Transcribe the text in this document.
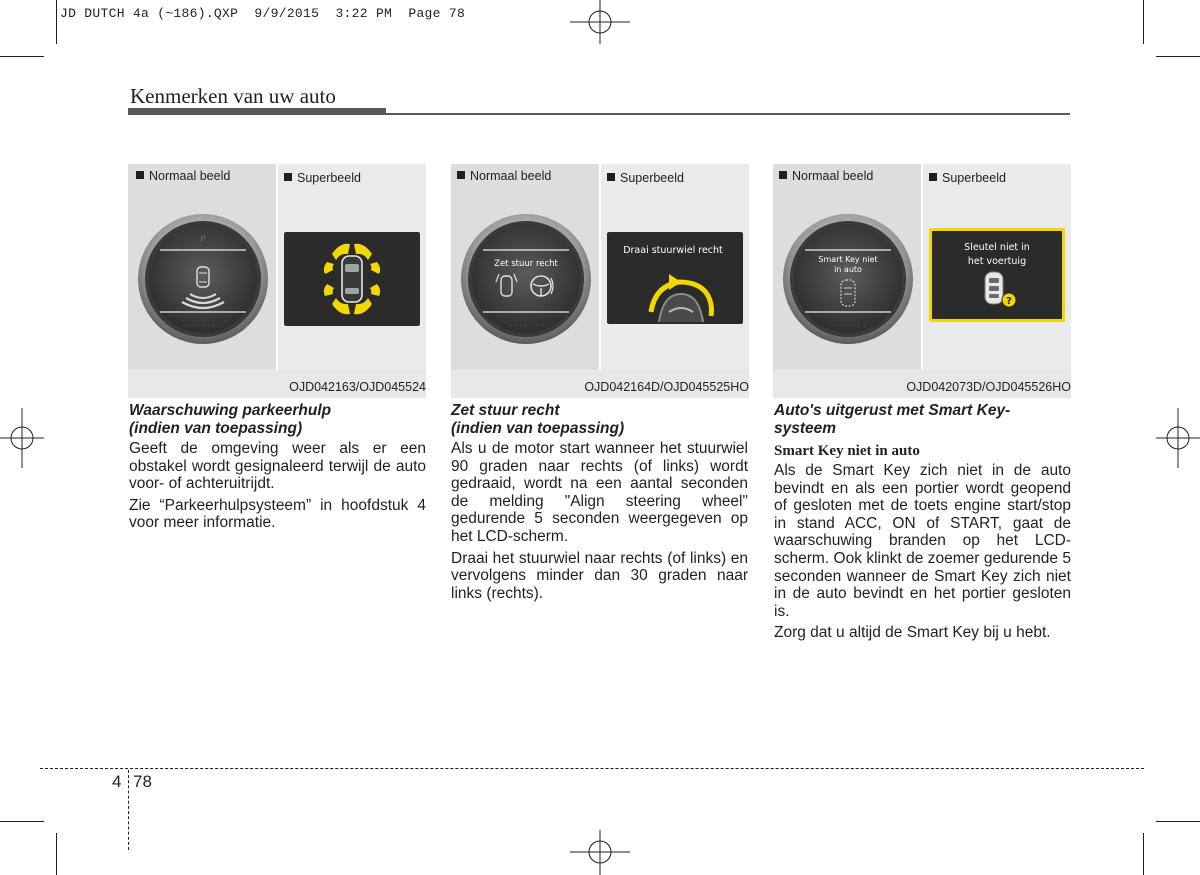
JD DUTCH 4a (~186).QXP  9/9/2015  3:22 PM  Page 78
Kenmerken van uw auto
Normaal beeld
P
- - - - - - -
Superbeeld
OJD042163/OJD045524
Normaal beeld
Zet stuur recht
- - - - - - -
Superbeeld
Draai stuurwiel recht
OJD042164D/OJD045525HO
Normaal beeld
Smart Key niet
in auto
- - - - - - -
Superbeeld
Sleutel niet in
het voertuig
?
OJD042073D/OJD045526HO
Waarschuwing parkeerhulp
(indien van toepassing)

Geeft de omgeving weer als er een obstakel wordt gesignaleerd terwijl de auto voor- of achteruitrijdt.

Zie “Parkeerhulpsysteem” in hoofdstuk 4 voor meer informatie.

Zet stuur recht
(indien van toepassing)

Als u de motor start wanneer het stuurwiel 90 graden naar rechts (of links) wordt gedraaid, wordt na een aantal seconden de melding "Align steering wheel" gedurende 5 seconden weergegeven op het LCD-scherm.

Draai het stuurwiel naar rechts (of links) en vervolgens minder dan 30 graden naar links (rechts).

Auto's uitgerust met Smart Key-
systeem
Smart Key niet in auto

Als de Smart Key zich niet in de auto bevindt en als een portier wordt geopend of gesloten met de toets engine start/stop in stand ACC, ON of START, gaat de waarschuwing branden op het LCD-scherm. Ook klinkt de zoemer gedurende 5 seconden wanneer de Smart Key zich niet in de auto bevindt en het portier gesloten is.

Zorg dat u altijd de Smart Key bij u hebt.

4 78
